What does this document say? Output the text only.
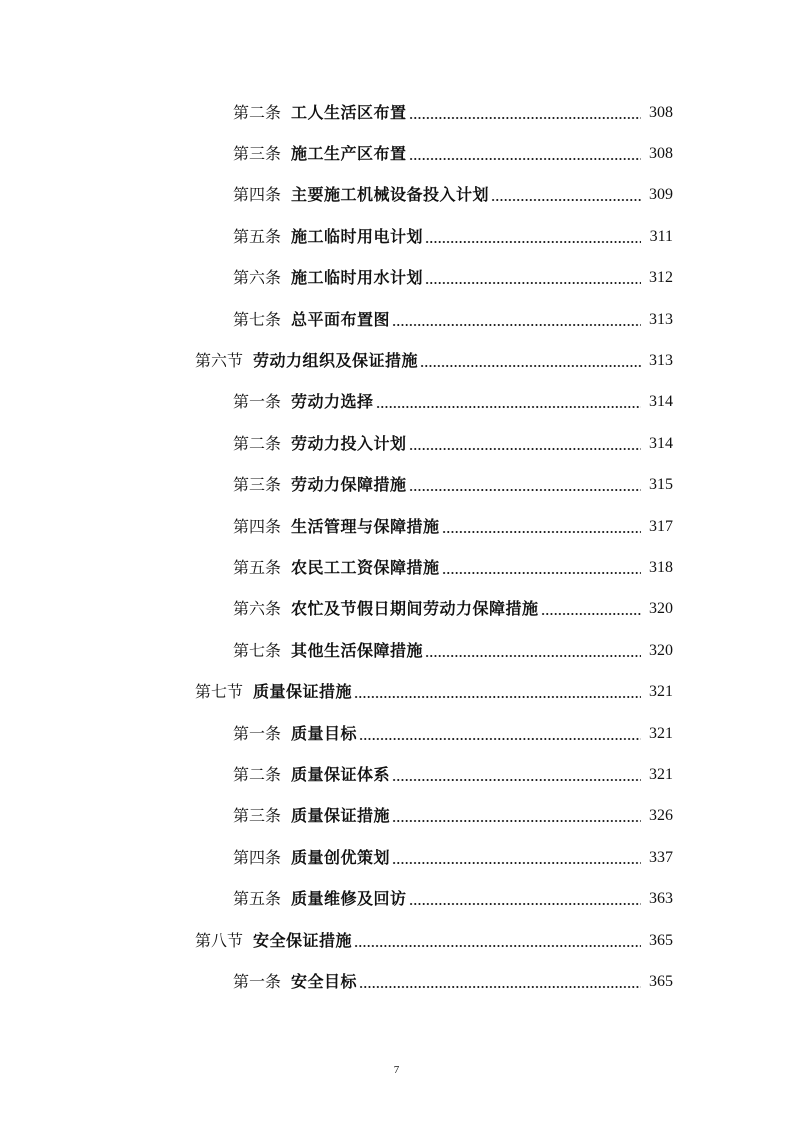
第二条 工人生活区布置	308
第三条 施工生产区布置	308
第四条 主要施工机械设备投入计划	309
第五条 施工临时用电计划	311
第六条 施工临时用水计划	312
第七条 总平面布置图	313
第六节 劳动力组织及保证措施	313
第一条 劳动力选择	314
第二条 劳动力投入计划	314
第三条 劳动力保障措施	315
第四条 生活管理与保障措施	317
第五条 农民工工资保障措施	318
第六条 农忙及节假日期间劳动力保障措施	320
第七条 其他生活保障措施	320
第七节 质量保证措施	321
第一条 质量目标	321
第二条 质量保证体系	321
第三条 质量保证措施	326
第四条 质量创优策划	337
第五条 质量维修及回访	363
第八节 安全保证措施	365
第一条 安全目标	365
7
